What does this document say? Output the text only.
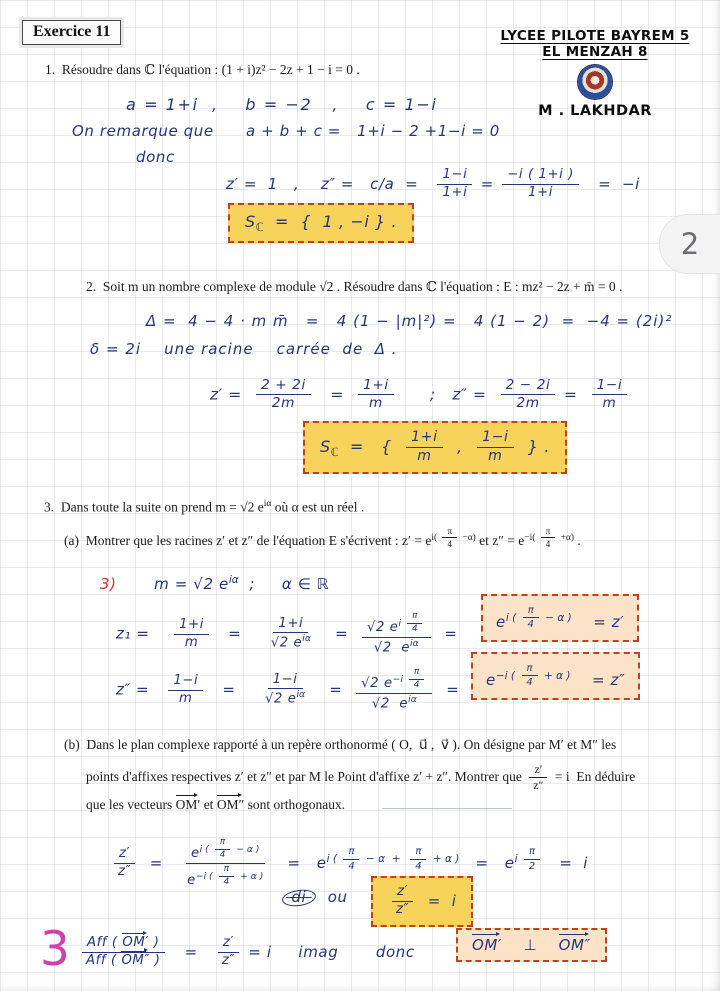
Exercice 11	LYCEE PILOTE BAYREM 5
EL MENZAH 8
M . LAKHDAR
1.  Résoudre dans ℂ l'équation : (1 + i)z² − 2z + 1 − i = 0 .
a = 1+i  ,    b = −2   ,    c = 1−i
On remarque que      a + b + c =   1+i − 2 +1−i = 0
donc
z′ =  1   ,    $z'' = c/a = \frac{1-i}{1+i} = \frac{-i ( 1+i )}{1+i} = -i$
$S_ℂ$  =  {  1 , −i } .
2
2.  Soit m un nombre complexe de module √2 . Résoudre dans ℂ l'équation : E : mz² − 2z + m̄ = 0 .
Δ =  4 − 4 · m m̄   =   4 (1 − |m|²) =   4 (1 − 2)  =  −4 = (2i)²
δ = 2i    une racine    carrée  de  Δ .
$z' = \frac{2 + 2i}{2m} = \frac{1+i}{m}$ ;   $z'' = \frac{2 - 2i}{2m} = \frac{1-i}{m}$
$S_ℂ$  =   { $\frac{1+i}{m}$ , $\frac{1-i}{m}$ } .
3.  Dans toute la suite on prend m = √2 $e^{i\alpha}$ où α est un réel .
(a)  Montrer que les racines z′ et z″ de l'équation E s'écrivent : $z' = e^{i( \frac{\pi}{4} -\alpha)}$ et $z'' = e^{-i( \frac{\pi}{4} +\alpha)}$ .
3)       m = √2 $e^{i\alpha}$  ;     α ∈ ℝ
$z_1 = \frac{1+i}{m} = \frac{1+i}{√2 e^{i\alpha}} = √2$ $e^{i \frac{\pi}{4}}$
√2  $e^{i\alpha}$ =
$e^{i ( \frac{\pi}{4} - \alpha )}$    = z′
$z'' = \frac{1-i}{m} = \frac{1-i}{√2 e^{i\alpha}} = √2$ $e^{-i \frac{\pi}{4}}$
√2  $e^{i\alpha}$ =
$e^{-i ( \frac{\pi}{4} + \alpha )}$    = z″
(b)  Dans le plan complexe rapporté à un repère orthonormé ( O,  u⃗ ,  v⃗ ). On désigne par M′ et M″ les
points d'affixes respectives z′ et z″ et par M le Point d'affixe z′ + z″. Montrer que $\frac{z'}{z''} = i$  En déduire
que les vecteurs OM′ et OM″ sont orthogonaux.
$\frac{z'}{z''} = e^{i ( \frac{\pi}{4} - \alpha )}$
$e^{-i ( \frac{\pi}{4} + \alpha )} = e^{i ( \frac{\pi}{4} - \alpha + \frac{\pi}{4} + \alpha )} = e^{i \frac{\pi}{2}} = i$
di    ou	$\frac{z'}{z''} = i$
$3 \frac{\text{Aff ( OM′ )}}{\text{Aff ( OM″ )}} = \frac{z'}{z''} = i$     imag       donc	OM′    ⊥    OM″
